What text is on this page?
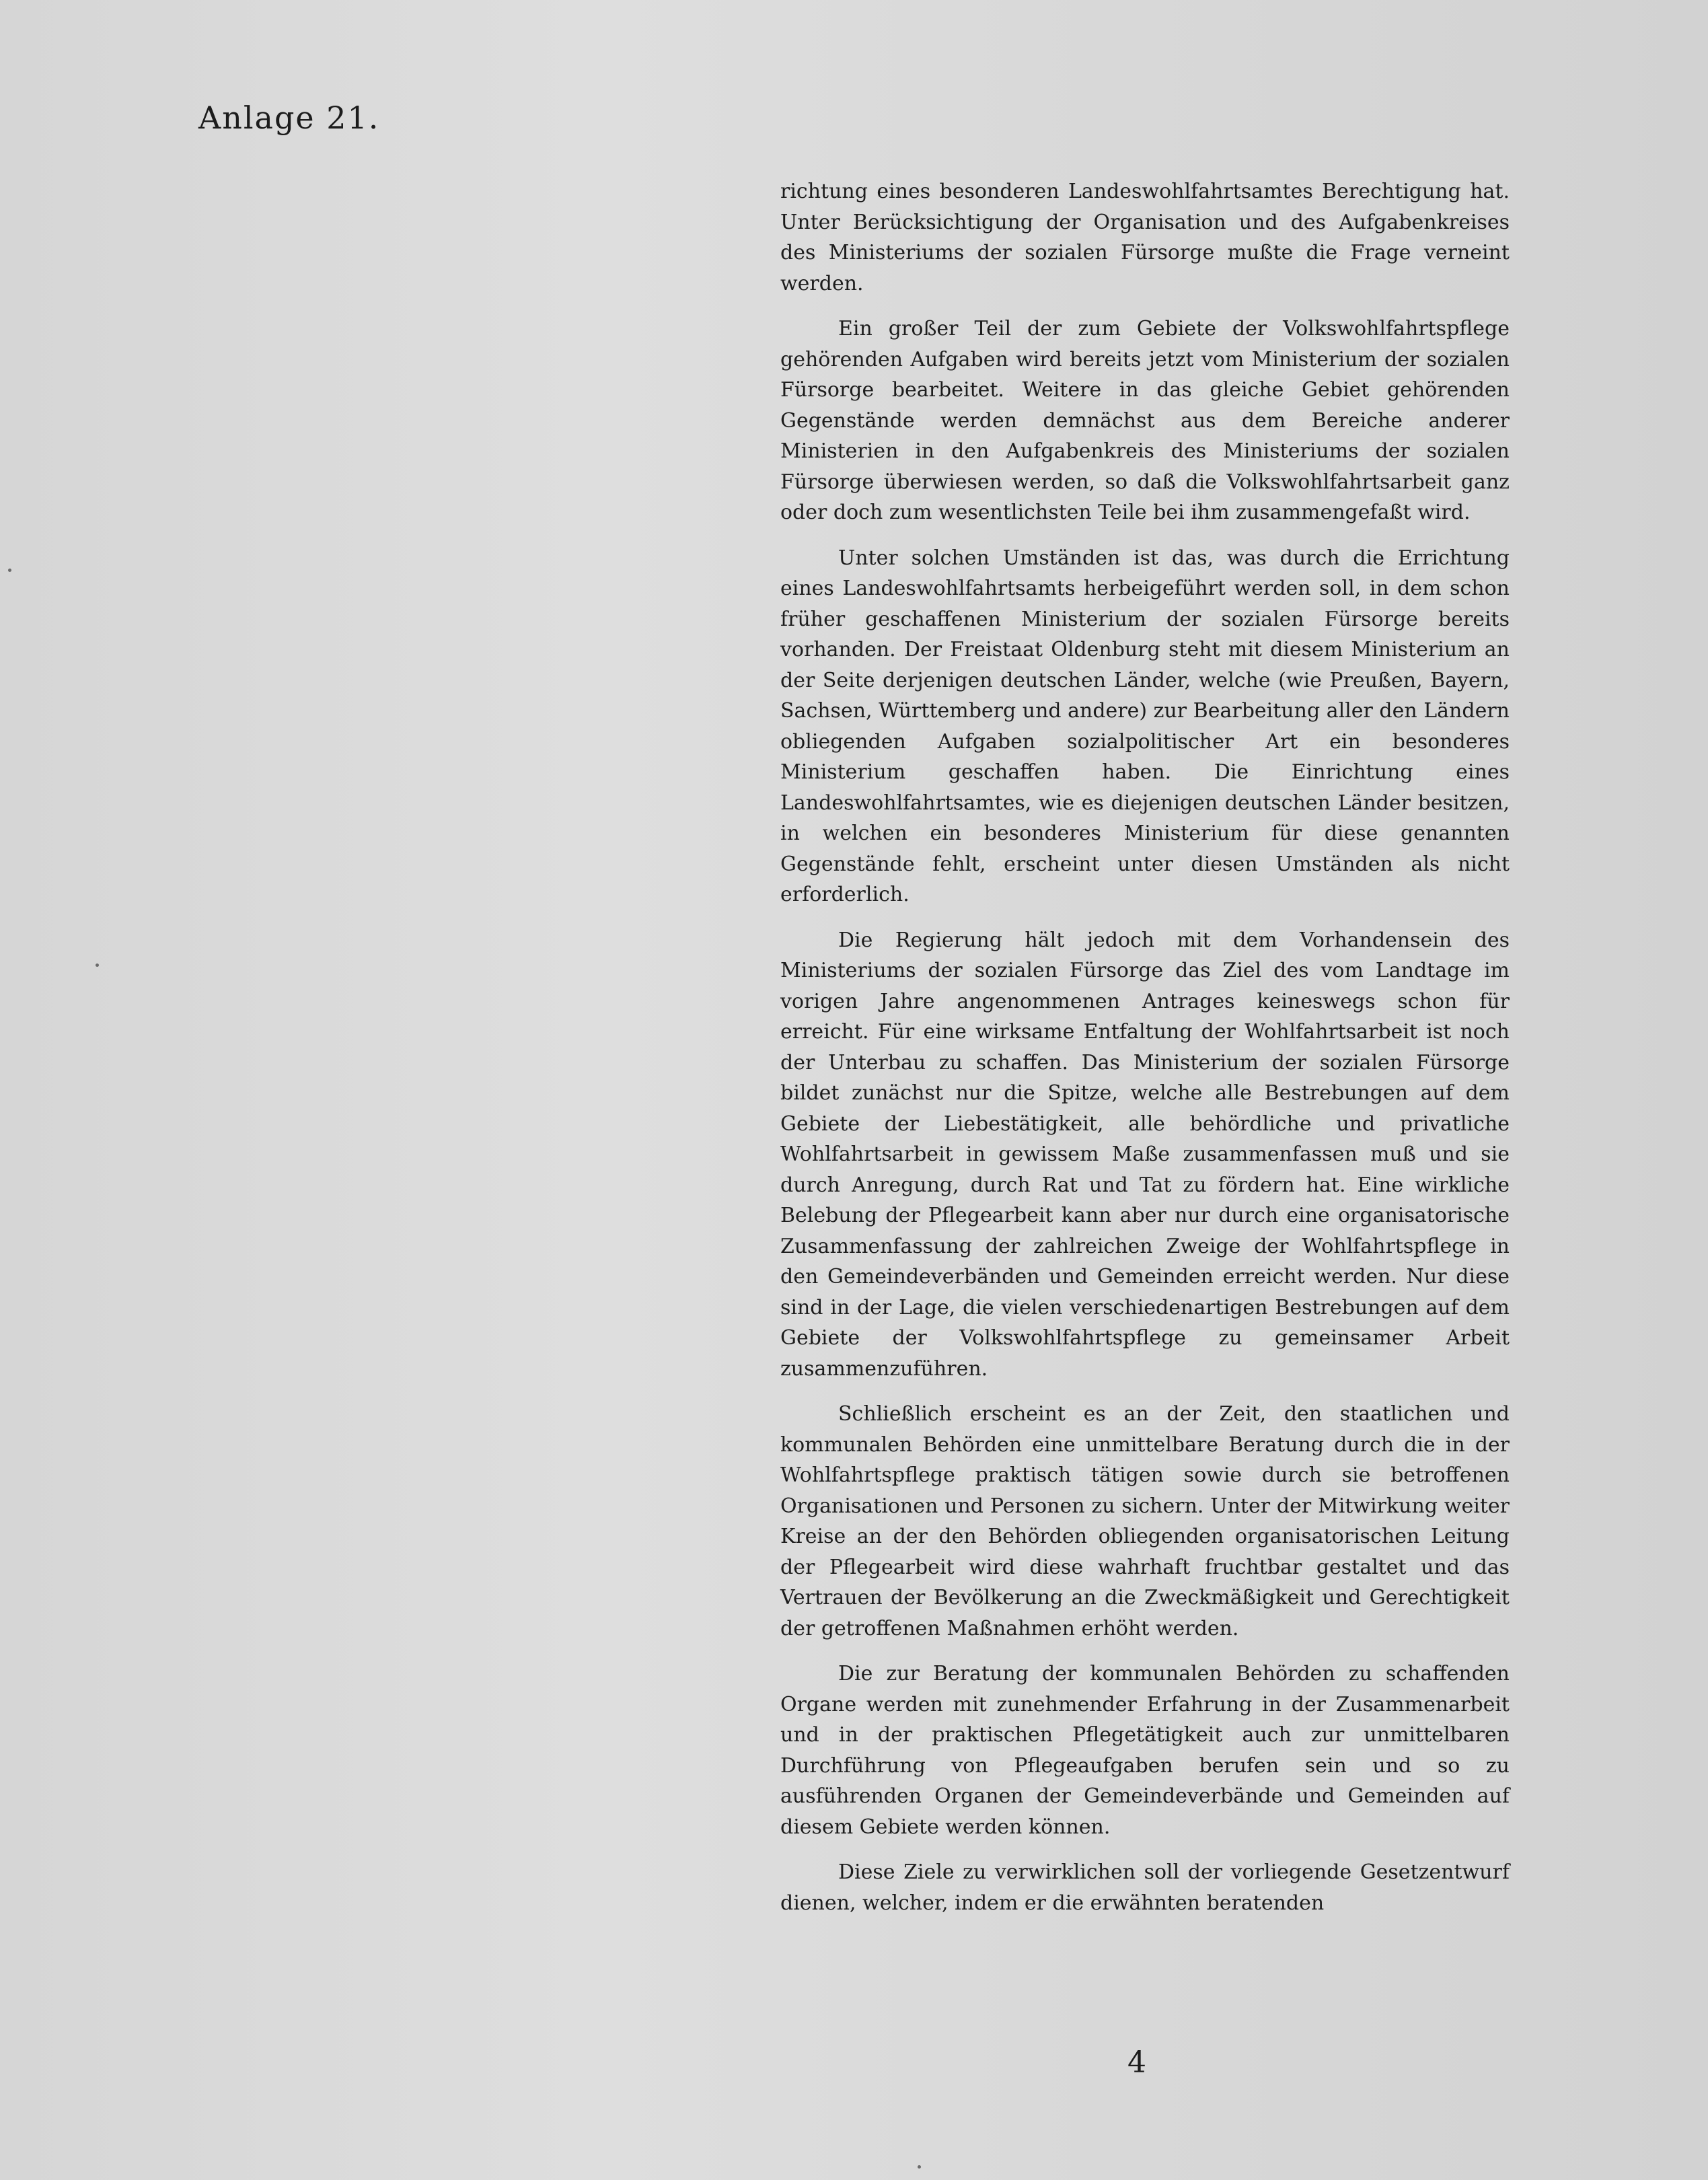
Anlage 21.

richtung eines besonderen Landeswohlfahrtsamtes Berechtigung hat. Unter Berücksichtigung der Organisation und des Aufgabenkreises des Ministeriums der sozialen Fürsorge mußte die Frage verneint werden.

Ein großer Teil der zum Gebiete der Volkswohlfahrtspflege gehörenden Aufgaben wird bereits jetzt vom Ministerium der sozialen Fürsorge bearbeitet. Weitere in das gleiche Gebiet gehörenden Gegenstände werden demnächst aus dem Bereiche anderer Ministerien in den Aufgabenkreis des Ministeriums der sozialen Fürsorge überwiesen werden, so daß die Volkswohlfahrtsarbeit ganz oder doch zum wesentlichsten Teile bei ihm zusammengefaßt wird.

Unter solchen Umständen ist das, was durch die Errichtung eines Landeswohlfahrtsamts herbeigeführt werden soll, in dem schon früher geschaffenen Ministerium der sozialen Fürsorge bereits vorhanden. Der Freistaat Oldenburg steht mit diesem Ministerium an der Seite derjenigen deutschen Länder, welche (wie Preußen, Bayern, Sachsen, Württemberg und andere) zur Bearbeitung aller den Ländern obliegenden Aufgaben sozialpolitischer Art ein besonderes Ministerium geschaffen haben. Die Einrichtung eines Landeswohlfahrtsamtes, wie es diejenigen deutschen Länder besitzen, in welchen ein besonderes Ministerium für diese genannten Gegenstände fehlt, erscheint unter diesen Umständen als nicht erforderlich.

Die Regierung hält jedoch mit dem Vorhandensein des Ministeriums der sozialen Fürsorge das Ziel des vom Landtage im vorigen Jahre angenommenen Antrages keineswegs schon für erreicht. Für eine wirksame Entfaltung der Wohlfahrtsarbeit ist noch der Unterbau zu schaffen. Das Ministerium der sozialen Fürsorge bildet zunächst nur die Spitze, welche alle Bestrebungen auf dem Gebiete der Liebestätigkeit, alle behördliche und privatliche Wohlfahrtsarbeit in gewissem Maße zusammenfassen muß und sie durch Anregung, durch Rat und Tat zu fördern hat. Eine wirkliche Belebung der Pflegearbeit kann aber nur durch eine organisatorische Zusammenfassung der zahlreichen Zweige der Wohlfahrtspflege in den Gemeindeverbänden und Gemeinden erreicht werden. Nur diese sind in der Lage, die vielen verschiedenartigen Bestrebungen auf dem Gebiete der Volkswohlfahrtspflege zu gemeinsamer Arbeit zusammenzuführen.

Schließlich erscheint es an der Zeit, den staatlichen und kommunalen Behörden eine unmittelbare Beratung durch die in der Wohlfahrtspflege praktisch tätigen sowie durch sie betroffenen Organisationen und Personen zu sichern. Unter der Mitwirkung weiter Kreise an der den Behörden obliegenden organisatorischen Leitung der Pflegearbeit wird diese wahrhaft fruchtbar gestaltet und das Vertrauen der Bevölkerung an die Zweckmäßigkeit und Gerechtigkeit der getroffenen Maßnahmen erhöht werden.

Die zur Beratung der kommunalen Behörden zu schaffenden Organe werden mit zunehmender Erfahrung in der Zusammenarbeit und in der praktischen Pflegetätigkeit auch zur unmittelbaren Durchführung von Pflegeaufgaben berufen sein und so zu ausführenden Organen der Gemeindeverbände und Gemeinden auf diesem Gebiete werden können.

Diese Ziele zu verwirklichen soll der vorliegende Gesetzentwurf dienen, welcher, indem er die erwähnten beratenden

4
